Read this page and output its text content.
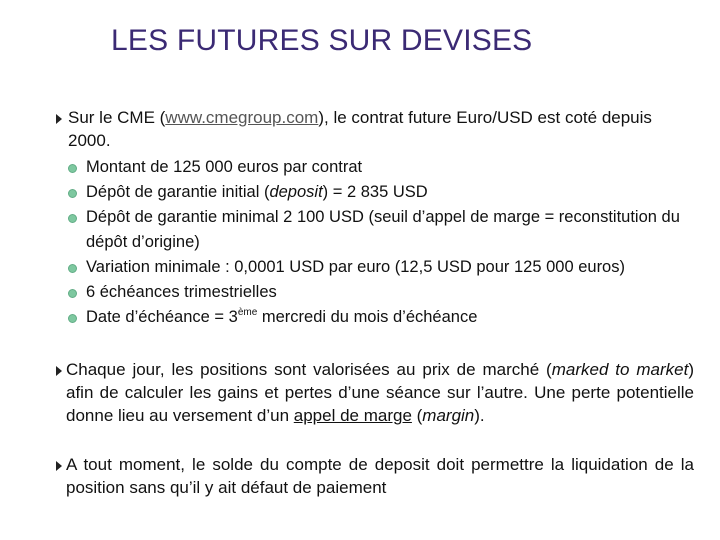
LES FUTURES SUR DEVISES
Sur le CME (www.cmegroup.com), le contrat future Euro/USD est coté depuis 2000.
Montant de 125 000 euros par contrat
Dépôt de garantie initial (deposit) = 2 835 USD
Dépôt de garantie minimal 2 100 USD (seuil d’appel de marge = reconstitution du dépôt d’origine)
Variation minimale : 0,0001 USD par euro (12,5 USD pour 125 000 euros)
6 échéances trimestrielles
Date d’échéance = 3ème mercredi du mois d’échéance
Chaque jour, les positions sont valorisées au prix de marché (marked to market) afin de calculer les gains et pertes d’une séance sur l’autre. Une perte potentielle donne lieu au versement d’un appel de marge (margin).
A tout moment, le solde du compte de deposit doit permettre la liquidation de la position sans qu’il y ait défaut de paiement
